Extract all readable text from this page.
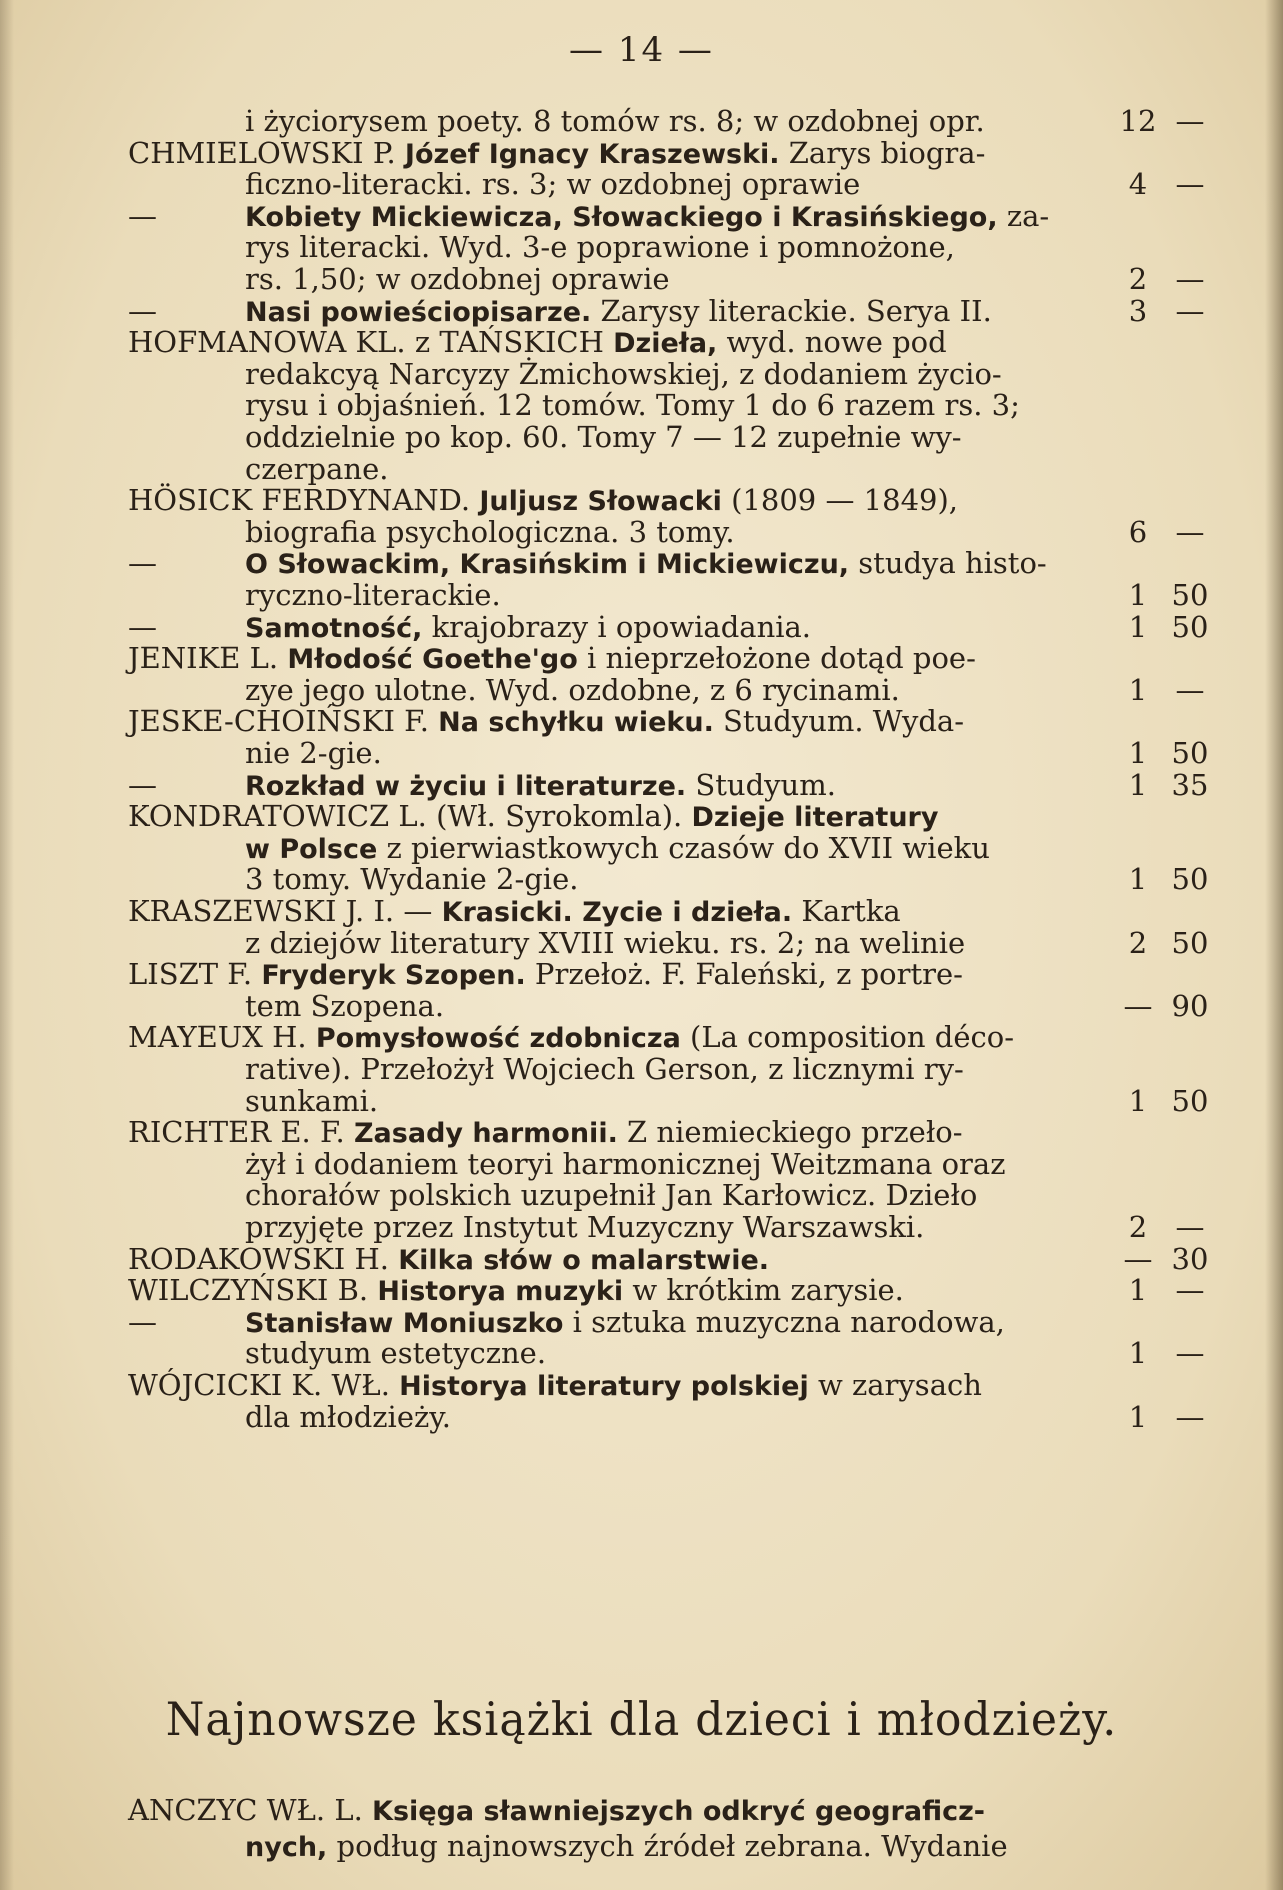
— 14 —
i życiorysem poety. 8 tomów rs. 8; w ozdobnej opr.	12 —
CHMIELOWSKI P. Józef Ignacy Kraszewski. Zarys biogra-
ficzno-literacki. rs. 3; w ozdobnej oprawie	4 —
—	Kobiety Mickiewicza, Słowackiego i Krasińskiego, za-
rys literacki. Wyd. 3-e poprawione i pomnożone,
rs. 1,50; w ozdobnej oprawie	2 —
—	Nasi powieściopisarze. Zarysy literackie. Serya II.	3 —
HOFMANOWA KL. z TAŃSKICH Dzieła, wyd. nowe pod
redakcyą Narcyzy Żmichowskiej, z dodaniem życio-
rysu i objaśnień. 12 tomów. Tomy 1 do 6 razem rs. 3;
oddzielnie po kop. 60. Tomy 7 — 12 zupełnie wy-
czerpane.
HÖSICK FERDYNAND. Juljusz Słowacki (1809 — 1849),
biografia psychologiczna. 3 tomy.	6 —
—	O Słowackim, Krasińskim i Mickiewiczu, studya histo-
ryczno-literackie.	1 50
—	Samotność, krajobrazy i opowiadania.	1 50
JENIKE L. Młodość Goethe'go i nieprzełożone dotąd poe-
zye jego ulotne. Wyd. ozdobne, z 6 rycinami.	1 —
JESKE-CHOIŃSKI F. Na schyłku wieku. Studyum. Wyda-
nie 2-gie.	1 50
—	Rozkład w życiu i literaturze. Studyum.	1 35
KONDRATOWICZ L. (Wł. Syrokomla). Dzieje literatury
w Polsce z pierwiastkowych czasów do XVII wieku
3 tomy. Wydanie 2-gie.	1 50
KRASZEWSKI J. I. — Krasicki. Zycie i dzieła. Kartka
z dziejów literatury XVIII wieku. rs. 2; na welinie	2 50
LISZT F. Fryderyk Szopen. Przełoż. F. Faleński, z portre-
tem Szopena.	— 90
MAYEUX H. Pomysłowość zdobnicza (La composition déco-
rative). Przełożył Wojciech Gerson, z licznymi ry-
sunkami.	1 50
RICHTER E. F. Zasady harmonii. Z niemieckiego przeło-
żył i dodaniem teoryi harmonicznej Weitzmana oraz
chorałów polskich uzupełnił Jan Karłowicz. Dzieło
przyjęte przez Instytut Muzyczny Warszawski.	2 —
RODAKOWSKI H. Kilka słów o malarstwie.	— 30
WILCZYŃSKI B. Historya muzyki w krótkim zarysie.	1 —
—	Stanisław Moniuszko i sztuka muzyczna narodowa,
studyum estetyczne.	1 —
WÓJCICKI K. WŁ. Historya literatury polskiej w zarysach
dla młodzieży.	1 —
Najnowsze książki dla dzieci i młodzieży.
ANCZYC WŁ. L. Księga sławniejszych odkryć geograficz-
nych, podług najnowszych źródeł zebrana. Wydanie
